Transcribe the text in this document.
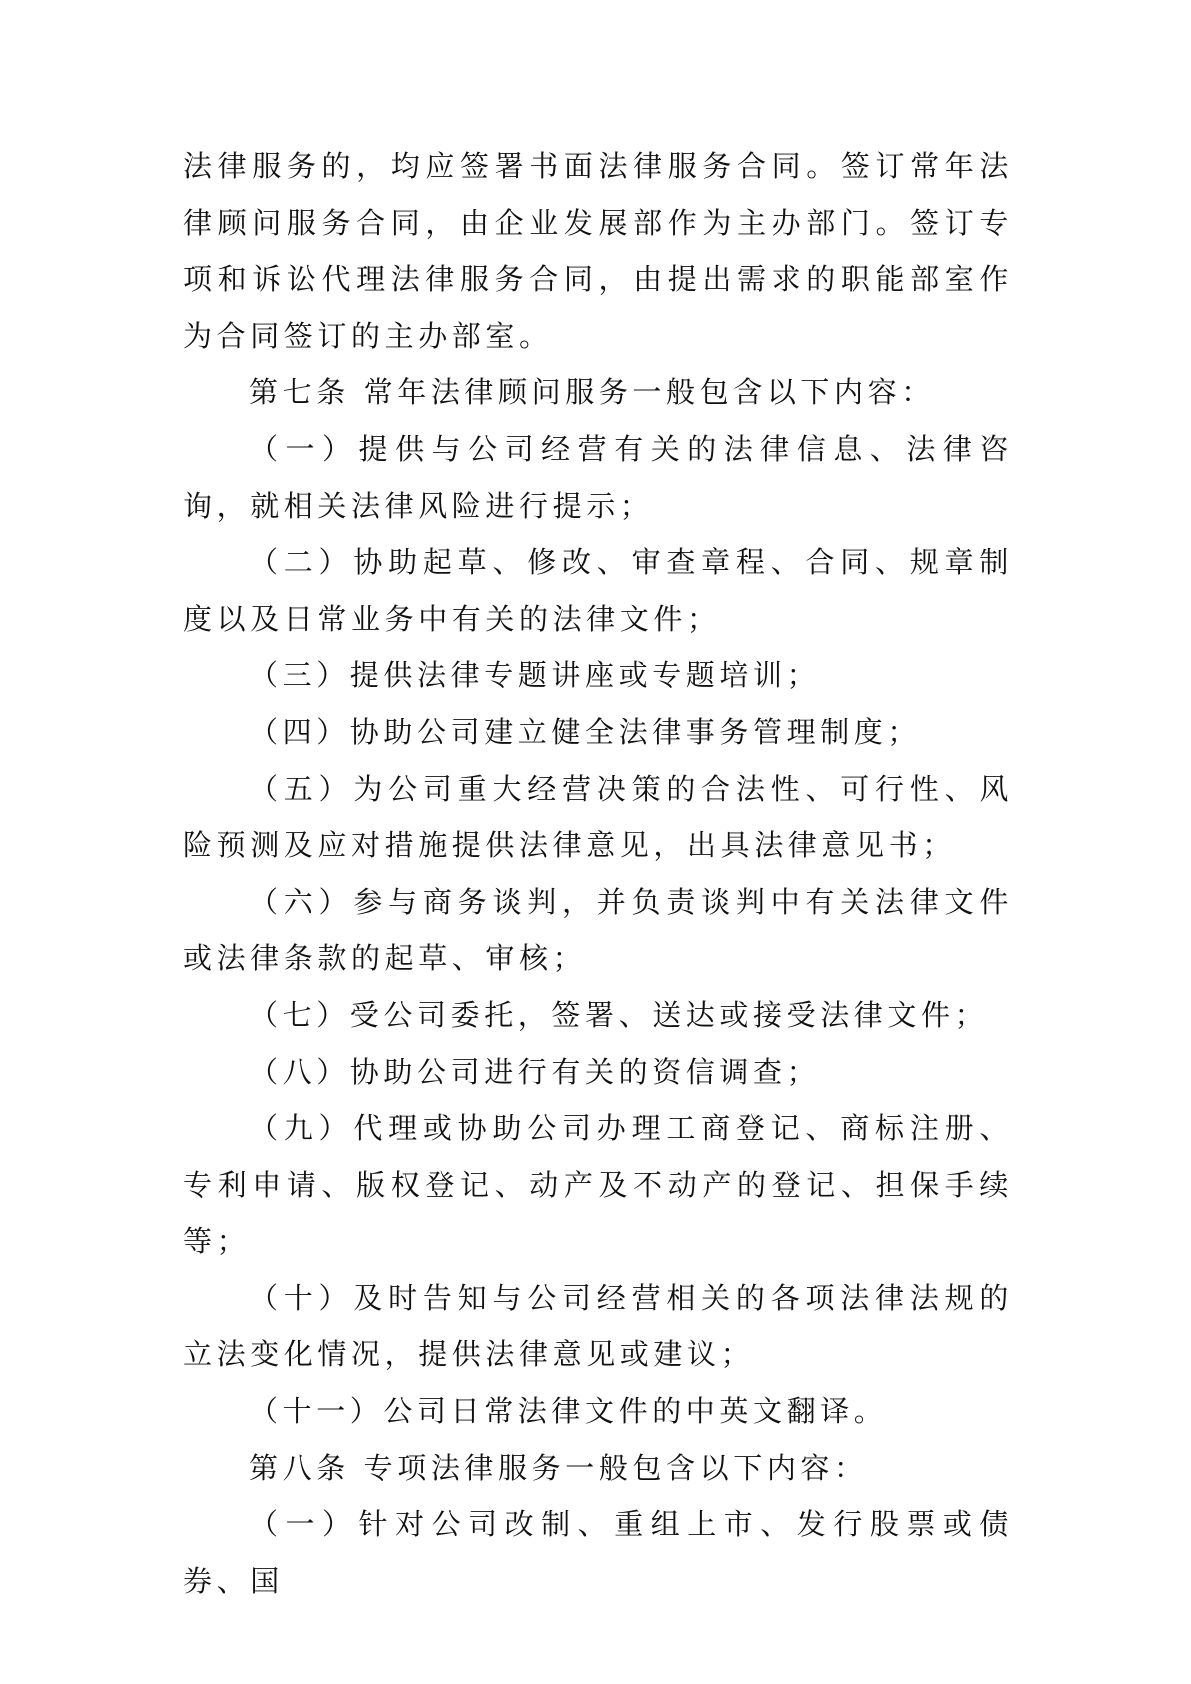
法律服务的，均应签署书面法律服务合同。签订常年法律顾问服务合同，由企业发展部作为主办部门。签订专项和诉讼代理法律服务合同，由提出需求的职能部室作为合同签订的主办部室。

第七条 常年法律顾问服务一般包含以下内容：

（一）提供与公司经营有关的法律信息、法律咨询，就相关法律风险进行提示；

（二）协助起草、修改、审查章程、合同、规章制度以及日常业务中有关的法律文件；

（三）提供法律专题讲座或专题培训；

（四）协助公司建立健全法律事务管理制度；

（五）为公司重大经营决策的合法性、可行性、风险预测及应对措施提供法律意见，出具法律意见书；

（六）参与商务谈判，并负责谈判中有关法律文件或法律条款的起草、审核；

（七）受公司委托，签署、送达或接受法律文件；

（八）协助公司进行有关的资信调查；

（九）代理或协助公司办理工商登记、商标注册、专利申请、版权登记、动产及不动产的登记、担保手续等；

（十）及时告知与公司经营相关的各项法律法规的立法变化情况，提供法律意见或建议；

（十一）公司日常法律文件的中英文翻译。

第八条 专项法律服务一般包含以下内容：

（一）针对公司改制、重组上市、发行股票或债券、国
